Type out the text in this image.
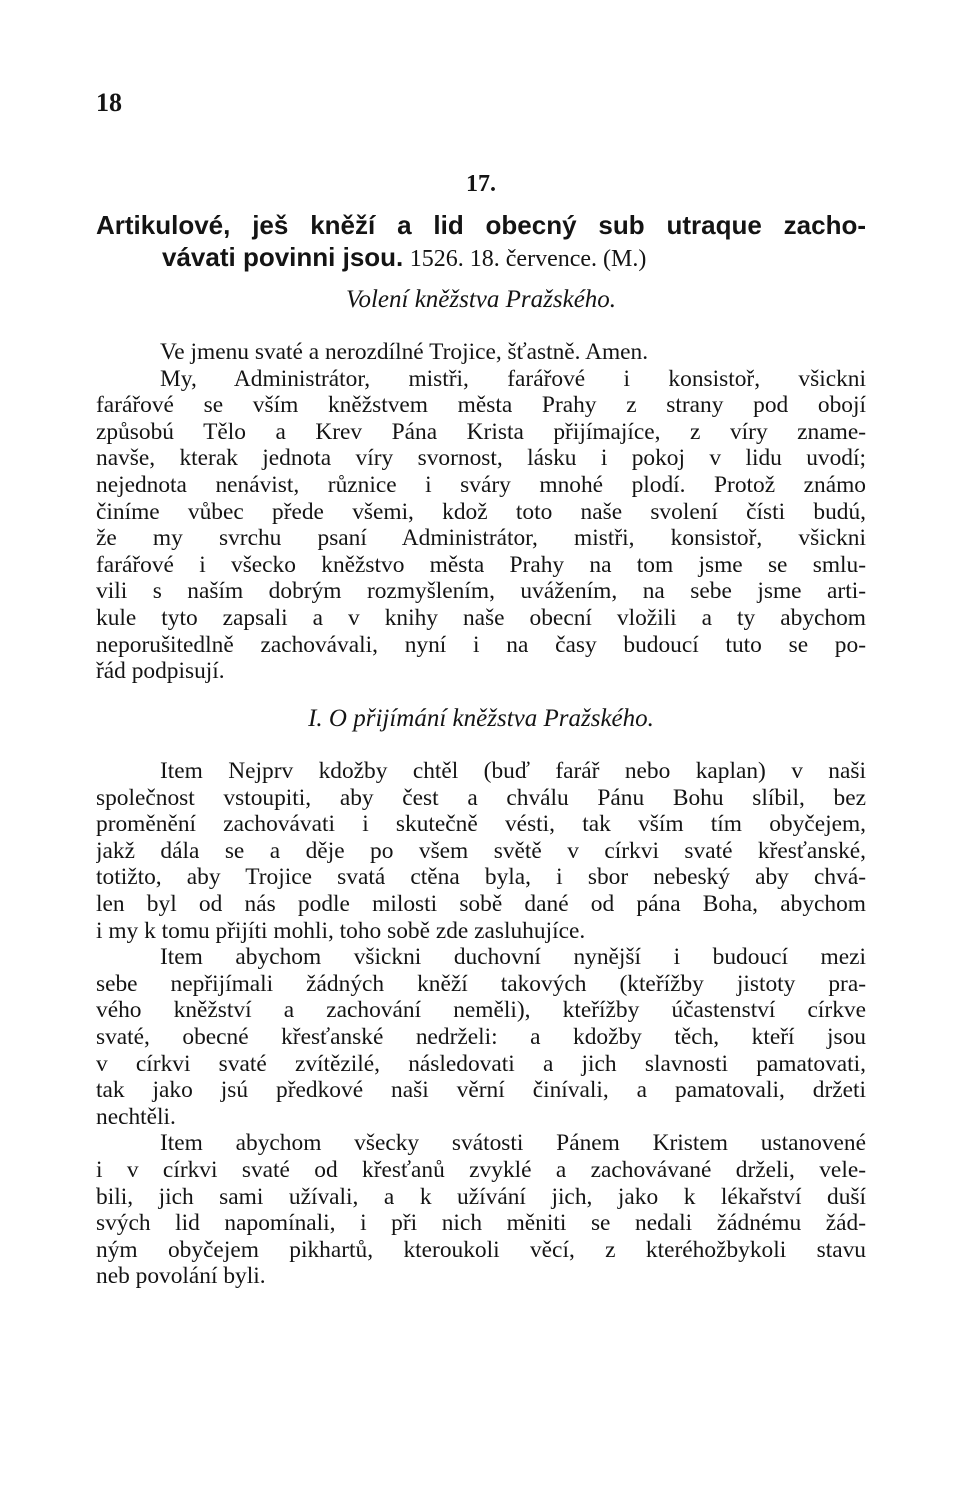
18
17.
Artikulové, ješ kněží a lid obecný sub utraque zacho-
vávati povinni jsou. 1526. 18. července. (M.)
Volení kněžstva Pražského.
Ve jmenu svaté a nerozdílné Trojice, šťastně. Amen.
My, Administrátor, mistři, farářové i konsistoř, všickni
farářové se vším kněžstvem města Prahy z strany pod obojí
způsobú Tělo a Krev Pána Krista přijímajíce, z víry zname-
navše, kterak jednota víry svornost, lásku i pokoj v lidu uvodí;
nejednota nenávist, různice i sváry mnohé plodí. Protož známo
činíme vůbec přede všemi, kdož toto naše svolení čísti budú,
že my svrchu psaní Administrátor, mistři, konsistoř, všickni
farářové i všecko kněžstvo města Prahy na tom jsme se smlu-
vili s naším dobrým rozmyšlením, uvážením, na sebe jsme arti-
kule tyto zapsali a v knihy naše obecní vložili a ty abychom
neporušitedlně zachovávali, nyní i na časy budoucí tuto se po-
řád podpisují.
I. O přijímání kněžstva Pražského.
Item Nejprv kdožby chtěl (buď farář nebo kaplan) v naši
společnost vstoupiti, aby čest a chválu Pánu Bohu slíbil, bez
proměnění zachovávati i skutečně vésti, tak vším tím obyčejem,
jakž dála se a děje po všem světě v církvi svaté křesťanské,
totižto, aby Trojice svatá ctěna byla, i sbor nebeský aby chvá-
len byl od nás podle milosti sobě dané od pána Boha, abychom
i my k tomu přijíti mohli, toho sobě zde zasluhujíce.
Item abychom všickni duchovní nynější i budoucí mezi
sebe nepřijímali žádných kněží takových (kteřížby jistoty pra-
vého kněžství a zachování neměli), kteřížby účastenství církve
svaté, obecné křesťanské nedrželi: a kdožby těch, kteří jsou
v církvi svaté zvítězilé, následovati a jich slavnosti pamatovati,
tak jako jsú předkové naši věrní činívali, a pamatovali, držeti
nechtěli.
Item abychom všecky svátosti Pánem Kristem ustanovené
i v církvi svaté od křesťanů zvyklé a zachovávané drželi, vele-
bili, jich sami užívali, a k užívání jich, jako k lékařství duší
svých lid napomínali, i při nich měniti se nedali žádnému žád-
ným obyčejem pikhartů, kteroukoli věcí, z kteréhožbykoli stavu
neb povolání byli.
